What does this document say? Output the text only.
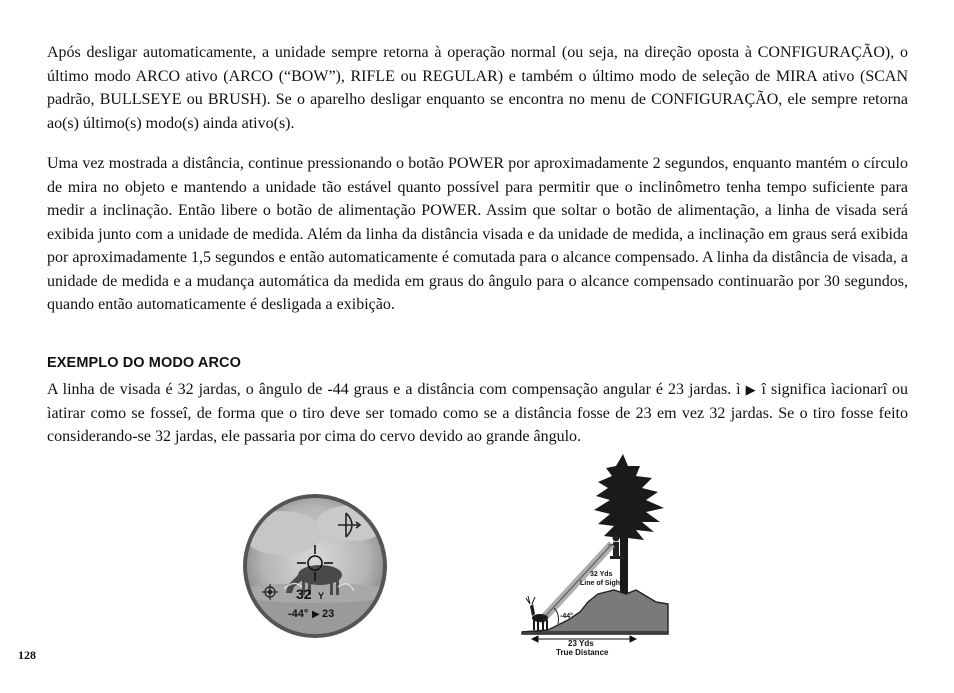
Após desligar automaticamente, a unidade sempre retorna à operação normal (ou seja, na direção oposta à CONFIGURAÇÃO), o último modo ARCO ativo (ARCO (“BOW”), RIFLE ou REGULAR) e também o último modo de seleção de MIRA ativo (SCAN padrão, BULLSEYE ou BRUSH). Se o aparelho desligar enquanto se encontra no menu de CONFIGURAÇÃO, ele sempre retorna ao(s) último(s) modo(s) ainda ativo(s).

Uma vez mostrada a distância, continue pressionando o botão POWER por aproximadamente 2 segundos, enquanto mantém o círculo de mira no objeto e mantendo a unidade tão estável quanto possível para permitir que o inclinômetro tenha tempo suficiente para medir a inclinação. Então libere o botão de alimentação POWER. Assim que soltar o botão de alimentação, a linha de visada será exibida junto com a unidade de medida. Além da linha da distância visada e da unidade de medida, a inclinação em graus será exibida por aproximadamente 1,5 segundos e então automaticamente é comutada para o alcance compensado. A linha da distância de visada, a unidade de medida e a mudança automática da medida em graus do ângulo para o alcance compensado continuarão por 30 segundos, quando então automaticamente é desligada a exibição.

EXEMPLO DO MODO ARCO

A linha de visada é 32 jardas, o ângulo de -44 graus e a distância com compensação angular é 23 jardas. ì ▶ î significa ìacionarî ou ìatirar como se fosseî, de forma que o tiro deve ser tomado como se a distância fosse de 23 em vez 32 jardas. Se o tiro fosse feito considerando-se 32 jardas, ele passaria por cima do cervo devido ao grande ângulo.

32 Y
-44° ▶ 23	-44°
32 Yds
Line of Sight
23 Yds
True Distance
128
